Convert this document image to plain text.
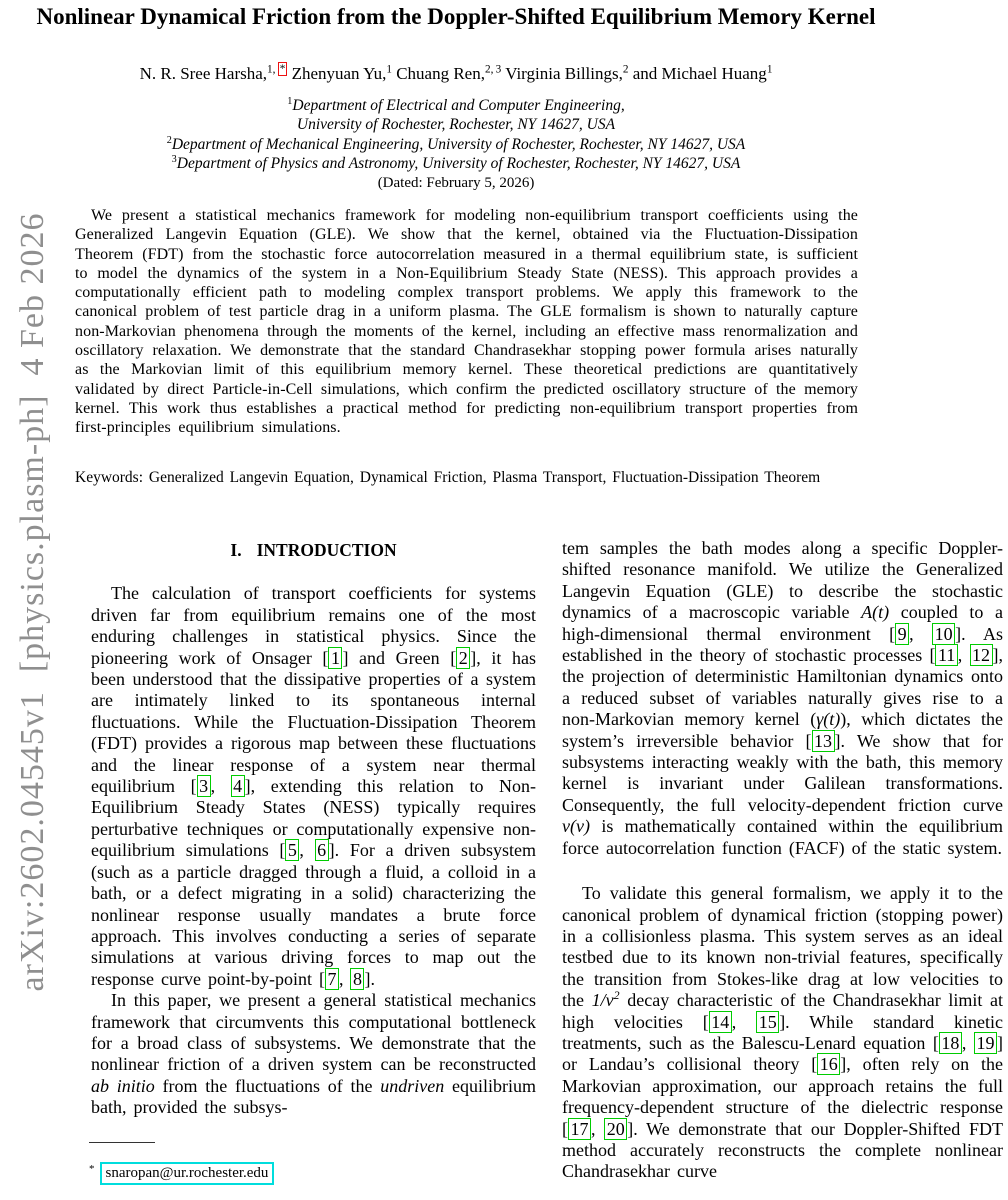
arXiv:2602.04545v1  [physics.plasm-ph]  4 Feb 2026
Nonlinear Dynamical Friction from the Doppler-Shifted Equilibrium Memory Kernel
N. R. Sree Harsha,$^{1,}$ * Zhenyuan Yu,$^1$ Chuang Ren,$^{2, 3}$ Virginia Billings,$^2$ and Michael Huang$^1$
$^1$Department of Electrical and Computer Engineering,
University of Rochester, Rochester, NY 14627, USA
$^2$Department of Mechanical Engineering, University of Rochester, Rochester, NY 14627, USA
$^3$Department of Physics and Astronomy, University of Rochester, Rochester, NY 14627, USA
(Dated: February 5, 2026)
We present a statistical mechanics framework for modeling non-equilibrium transport coefficients using the Generalized Langevin Equation (GLE). We show that the kernel, obtained via the Fluctuation-Dissipation Theorem (FDT) from the stochastic force autocorrelation measured in a thermal equilibrium state, is sufficient to model the dynamics of the system in a Non-Equilibrium Steady State (NESS). This approach provides a computationally efficient path to modeling complex transport problems. We apply this framework to the canonical problem of test particle drag in a uniform plasma. The GLE formalism is shown to naturally capture non-Markovian phenomena through the moments of the kernel, including an effective mass renormalization and oscillatory relaxation. We demonstrate that the standard Chandrasekhar stopping power formula arises naturally as the Markovian limit of this equilibrium memory kernel. These theoretical predictions are quantitatively validated by direct Particle-in-Cell simulations, which confirm the predicted oscillatory structure of the memory kernel. This work thus establishes a practical method for predicting non-equilibrium transport properties from first-principles equilibrium simulations.
Keywords: Generalized Langevin Equation, Dynamical Friction, Plasma Transport, Fluctuation-Dissipation Theorem
I. INTRODUCTION

The calculation of transport coefficients for systems driven far from equilibrium remains one of the most enduring challenges in statistical physics. Since the pioneering work of Onsager [ 1 ] and Green [ 2 ], it has been understood that the dissipative properties of a system are intimately linked to its spontaneous internal fluctuations. While the Fluctuation-Dissipation Theorem (FDT) provides a rigorous map between these fluctuations and the linear response of a system near thermal equilibrium [ 3 , 4 ], extending this relation to Non-Equilibrium Steady States (NESS) typically requires perturbative techniques or computationally expensive non-equilibrium simulations [ 5 , 6 ]. For a driven subsystem (such as a particle dragged through a fluid, a colloid in a bath, or a defect migrating in a solid) characterizing the nonlinear response usually mandates a brute force approach. This involves conducting a series of separate simulations at various driving forces to map out the response curve point-by-point [ 7 , 8 ].

In this paper, we present a general statistical mechanics framework that circumvents this computational bottleneck for a broad class of subsystems. We demonstrate that the nonlinear friction of a driven system can be reconstructed ab initio from the fluctuations of the undriven equilibrium bath, provided the subsys-

tem samples the bath modes along a specific Doppler-shifted resonance manifold. We utilize the Generalized Langevin Equation (GLE) to describe the stochastic dynamics of a macroscopic variable A(t) coupled to a high-dimensional thermal environment [ 9 , 10 ]. As established in the theory of stochastic processes [ 11 , 12 ], the projection of deterministic Hamiltonian dynamics onto a reduced subset of variables naturally gives rise to a non-Markovian memory kernel (γ(t)), which dictates the system’s irreversible behavior [ 13 ]. We show that for subsystems interacting weakly with the bath, this memory kernel is invariant under Galilean transformations. Consequently, the full velocity-dependent friction curve ν(v) is mathematically contained within the equilibrium force autocorrelation function (FACF) of the static system.

To validate this general formalism, we apply it to the canonical problem of dynamical friction (stopping power) in a collisionless plasma. This system serves as an ideal testbed due to its known non-trivial features, specifically the transition from Stokes-like drag at low velocities to the $1/v^2$ decay characteristic of the Chandrasekhar limit at high velocities [ 14 , 15 ]. While standard kinetic treatments, such as the Balescu-Lenard equation [ 18 , 19 ] or Landau’s collisional theory [ 16 ], often rely on the Markovian approximation, our approach retains the full frequency-dependent structure of the dielectric response [ 17 , 20 ]. We demonstrate that our Doppler-Shifted FDT method accurately reconstructs the complete nonlinear Chandrasekhar curve

* snaropan@ur.rochester.edu
